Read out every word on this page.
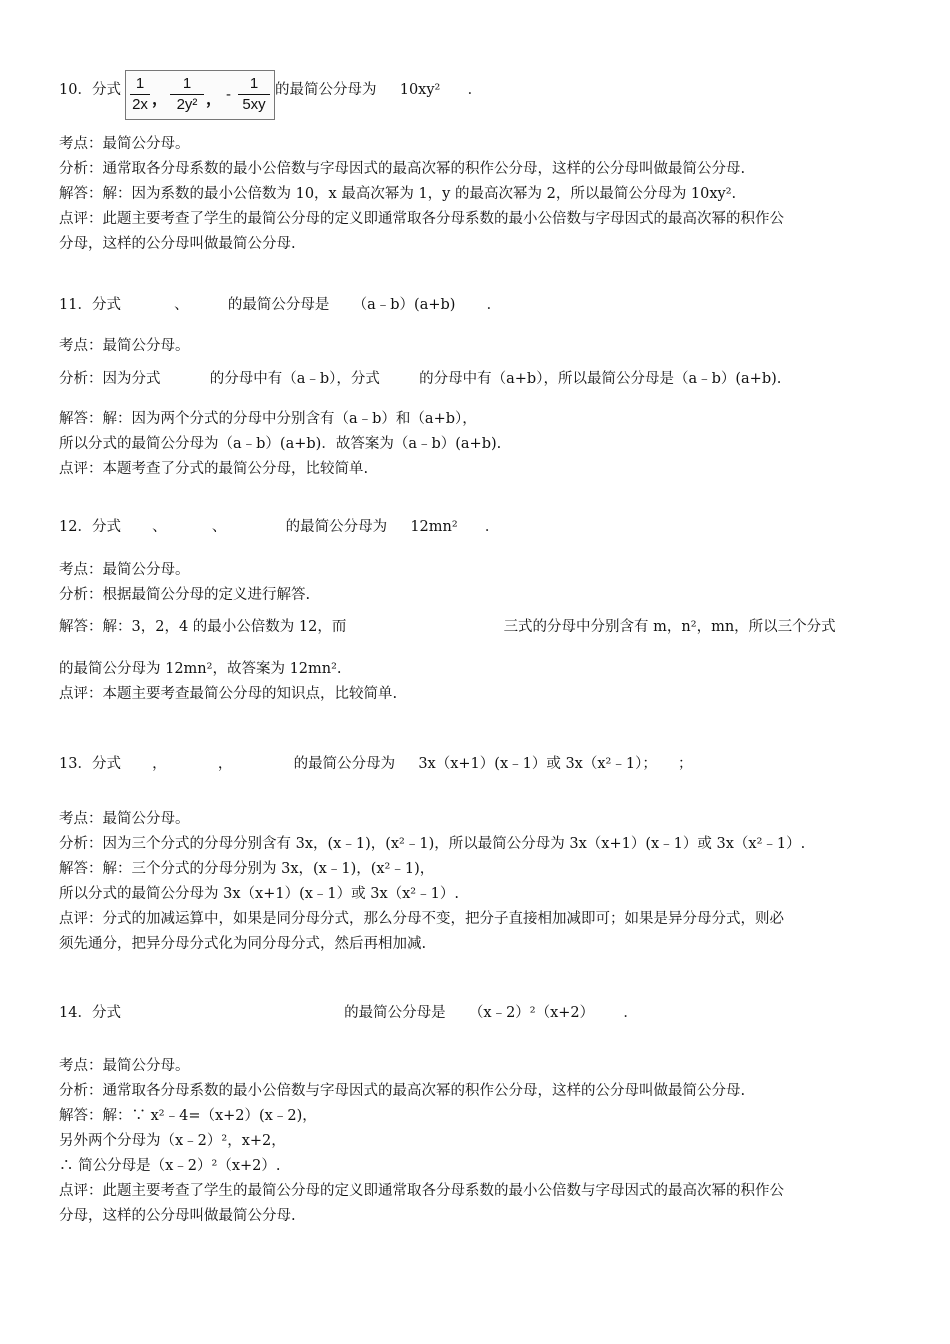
10．分式 1
2x ，
1
2y² ， -
1
5xy
的最简公分母为 10xy² ．
考点：最简公分母。
分析：通常取各分母系数的最小公倍数与字母因式的最高次幂的积作公分母，这样的公分母叫做最简公分母.
解答：解：因为系数的最小公倍数为 10，x 最高次幂为 1，y 的最高次幂为 2，所以最简公分母为 10xy².
点评：此题主要考查了学生的最简公分母的定义即通常取各分母系数的最小公倍数与字母因式的最高次幂的积作公
分母，这样的公分母叫做最简公分母.
11．分式	、	的最简公分母是 （a﹣b）(a+b) ．
考点：最简公分母。
分析：因为分式	的分母中有（a﹣b），分式	的分母中有（a+b），所以最简公分母是（a﹣b）(a+b).
解答：解：因为两个分式的分母中分别含有（a﹣b）和（a+b），
所以分式的最简公分母为（a﹣b）(a+b)．故答案为（a﹣b）(a+b).
点评：本题考查了分式的最简公分母，比较简单.
12．分式 、	、	的最简公分母为 12mn² ．
考点：最简公分母。
分析：根据最简公分母的定义进行解答.
解答：解：3，2，4 的最小公倍数为 12，而	三式的分母中分别含有 m，n²，mn，所以三个分式
的最简公分母为 12mn²，故答案为 12mn².
点评：本题主要考查最简公分母的知识点，比较简单.
13．分式 ，	，	的最简公分母为 3x（x+1）(x﹣1）或 3x（x²﹣1）； ；
考点：最简公分母。
分析：因为三个分式的分母分别含有 3x，(x﹣1)，(x²﹣1)，所以最简公分母为 3x（x+1）(x﹣1）或 3x（x²﹣1）.
解答：解：三个分式的分母分别为 3x，(x﹣1)，(x²﹣1)，
所以分式的最简公分母为 3x（x+1）(x﹣1）或 3x（x²﹣1）.
点评：分式的加减运算中，如果是同分母分式，那么分母不变，把分子直接相加减即可；如果是异分母分式，则必
须先通分，把异分母分式化为同分母分式，然后再相加减.
14．分式	的最简公分母是 （x﹣2）²（x+2） ．
考点：最简公分母。
分析：通常取各分母系数的最小公倍数与字母因式的最高次幂的积作公分母，这样的公分母叫做最简公分母.
解答：解：∵ x²﹣4=（x+2）(x﹣2)，
另外两个分母为（x﹣2）²，x+2，
∴ 简公分母是（x﹣2）²（x+2）.
点评：此题主要考查了学生的最简公分母的定义即通常取各分母系数的最小公倍数与字母因式的最高次幂的积作公
分母，这样的公分母叫做最简公分母.
